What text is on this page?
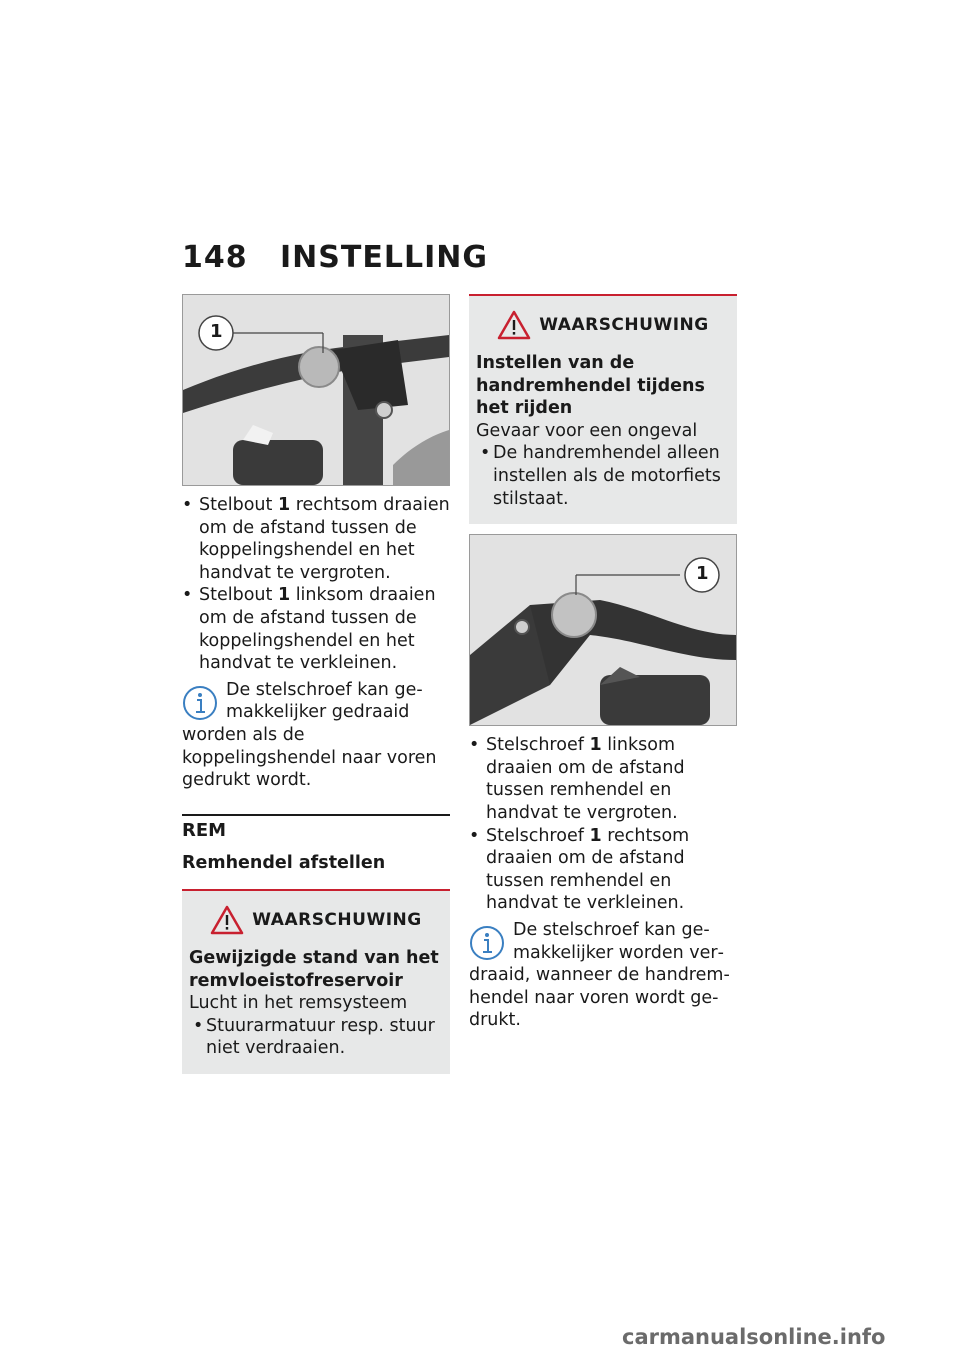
148 INSTELLING
1
• Stelbout 1 rechtsom draaien om de afstand tussen de koppelingshendel en het handvat te vergroten.
• Stelbout 1 linksom draaien om de afstand tussen de koppelingshendel en het handvat te verkleinen.
De stelschroef kan gemakkelijker gedraaid worden als de koppelingshendel naar voren gedrukt wordt.
REM
Remhendel afstellen
WAARSCHUWING
Gewijzigde stand van het remvloeistofreservoir
Lucht in het remsysteem
• Stuurarmatuur resp. stuur niet verdraaien.
WAARSCHUWING
Instellen van de handremhendel tijdens het rijden
Gevaar voor een ongeval
• De handremhendel alleen instellen als de motorfiets stilstaat.
1
• Stelschroef 1 linksom draaien om de afstand tussen remhendel en handvat te vergroten.
• Stelschroef 1 rechtsom draaien om de afstand tussen remhendel en handvat te verkleinen.
De stelschroef kan gemakkelijker worden verdraaid, wanneer de handremhendel naar voren wordt gedrukt.
carmanualsonline.info
